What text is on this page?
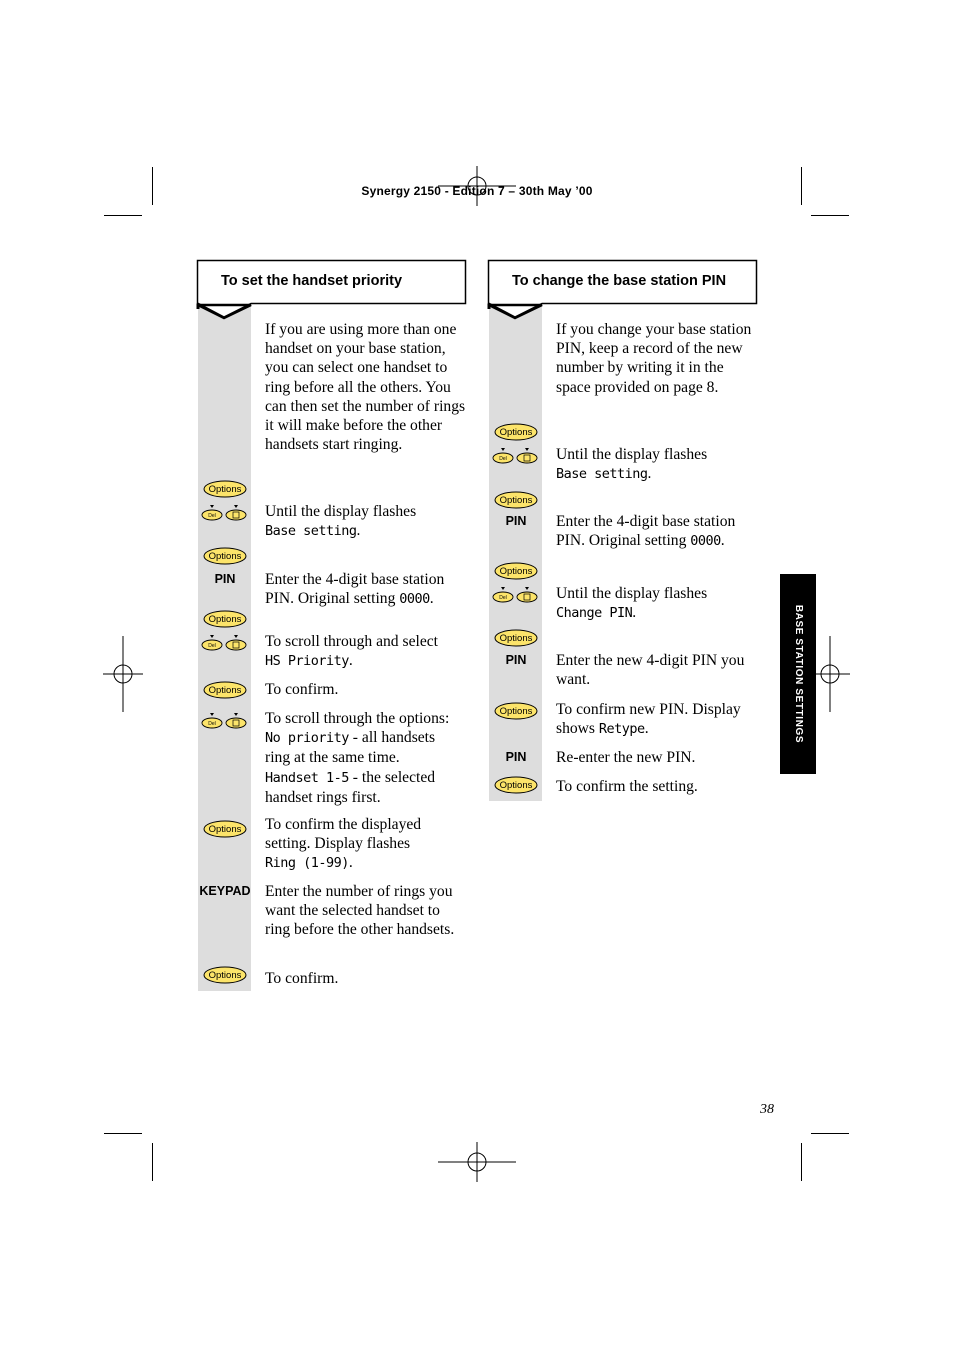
Synergy 2150 - Edition 7 – 30th May ’00
To set the handset priority
If you are using more than one handset on your base station, you can select one handset to ring before all the others. You can then set the number of rings it will make before the other handsets start ringing.
Options
Del	Until the display flashes
Base setting.
Options
PIN	Enter the 4-digit base station
PIN. Original setting 0000.
Options
Del	To scroll through and select
HS Priority.
Options To confirm.
Del	To scroll through the options:
No priority - all handsets
ring at the same time.
Handset 1-5 - the selected
handset rings first.
Options To confirm the displayed
setting. Display flashes
Ring (1-99).
KEYPAD Enter the number of rings you want the selected handset to ring before the other handsets.
Options To confirm.
To change the base station PIN
If you change your base station PIN, keep a record of the new number by writing it in the space provided on page 8.
Options
Del	Until the display flashes
Base setting.
Options
PIN	Enter the 4-digit base station
PIN. Original setting 0000.
Options
Del	Until the display flashes
Change PIN.
Options
PIN	Enter the new 4-digit PIN you want.
Options To confirm new PIN. Display
shows Retype.
PIN	Re-enter the new PIN.
Options To confirm the setting.
BASE STATION SETTINGS
38
